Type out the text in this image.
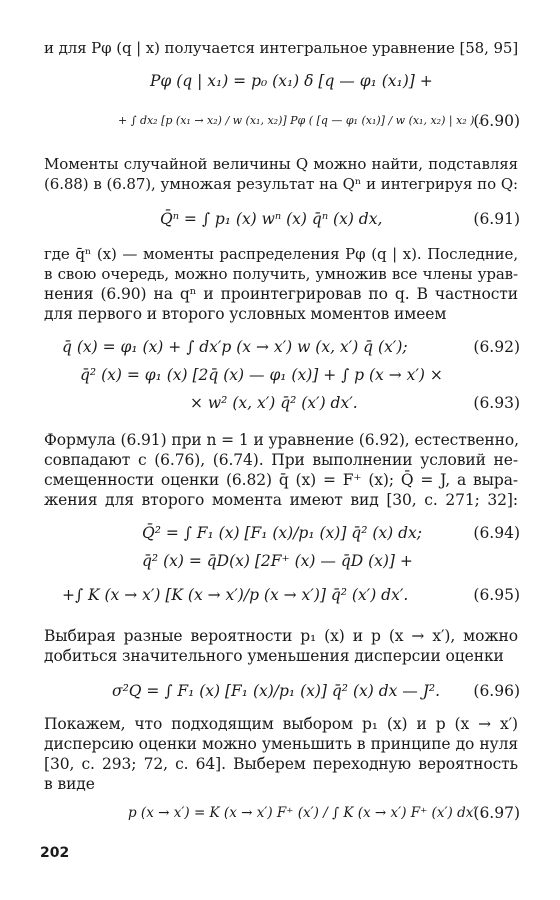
и для Pφ (q | x) получается интегральное уравнение [58, 95]
Pφ (q | x₁) = p₀ (x₁) δ [q — φ₁ (x₁)] +
+ ∫ dx₂ [p (x₁ → x₂) / w (x₁, x₂)] Pφ ( [q — φ₁ (x₁)] / w (x₁, x₂) | x₂ ) .
(6.90)
Моменты случайной величины Q можно найти, подставляя
(6.88) в (6.87), умножая результат на Qⁿ и интегрируя по Q:
Q̄ⁿ = ∫ p₁ (x) wⁿ (x) q̄ⁿ (x) dx,	(6.91)
где q̄ⁿ (x) — моменты распределения Pφ (q | x). Последние,
в свою очередь, можно получить, умножив все члены урав-
нения (6.90) на qⁿ и проинтегрировав по q. В частности
для первого и второго условных моментов имеем
q̄ (x) = φ₁ (x) + ∫ dx′p (x → x′) w (x, x′) q̄ (x′);	(6.92)
q̄² (x) = φ₁ (x) [2q̄ (x) — φ₁ (x)] + ∫ p (x → x′) ×
× w² (x, x′) q̄² (x′) dx′.	(6.93)
Формула (6.91) при n = 1 и уравнение (6.92), естественно,
совпадают с (6.76), (6.74). При выполнении условий не-
смещенности оценки (6.82) q̄ (x) = F⁺ (x); Q̄ = J, а выра-
жения для второго момента имеют вид [30, с. 271; 32]:
Q̄² = ∫ F₁ (x) [F₁ (x)/p₁ (x)] q̄² (x) dx;	(6.94)
q̄² (x) = q̄D(x) [2F⁺ (x) — q̄D (x)] +
+∫ K (x → x′) [K (x → x′)/p (x → x′)] q̄² (x′) dx′.	(6.95)
Выбирая разные вероятности p₁ (x) и p (x → x′), можно
добиться значительного уменьшения дисперсии оценки
σ²Q = ∫ F₁ (x) [F₁ (x)/p₁ (x)] q̄² (x) dx — J². (6.96)
Покажем, что подходящим выбором p₁ (x) и p (x → x′)
дисперсию оценки можно уменьшить в принципе до нуля
[30, с. 293; 72, с. 64]. Выберем переходную вероятность
в виде
p (x → x′) = K (x → x′) F⁺ (x′) / ∫ K (x → x′) F⁺ (x′) dx′ .
(6.97)
202
